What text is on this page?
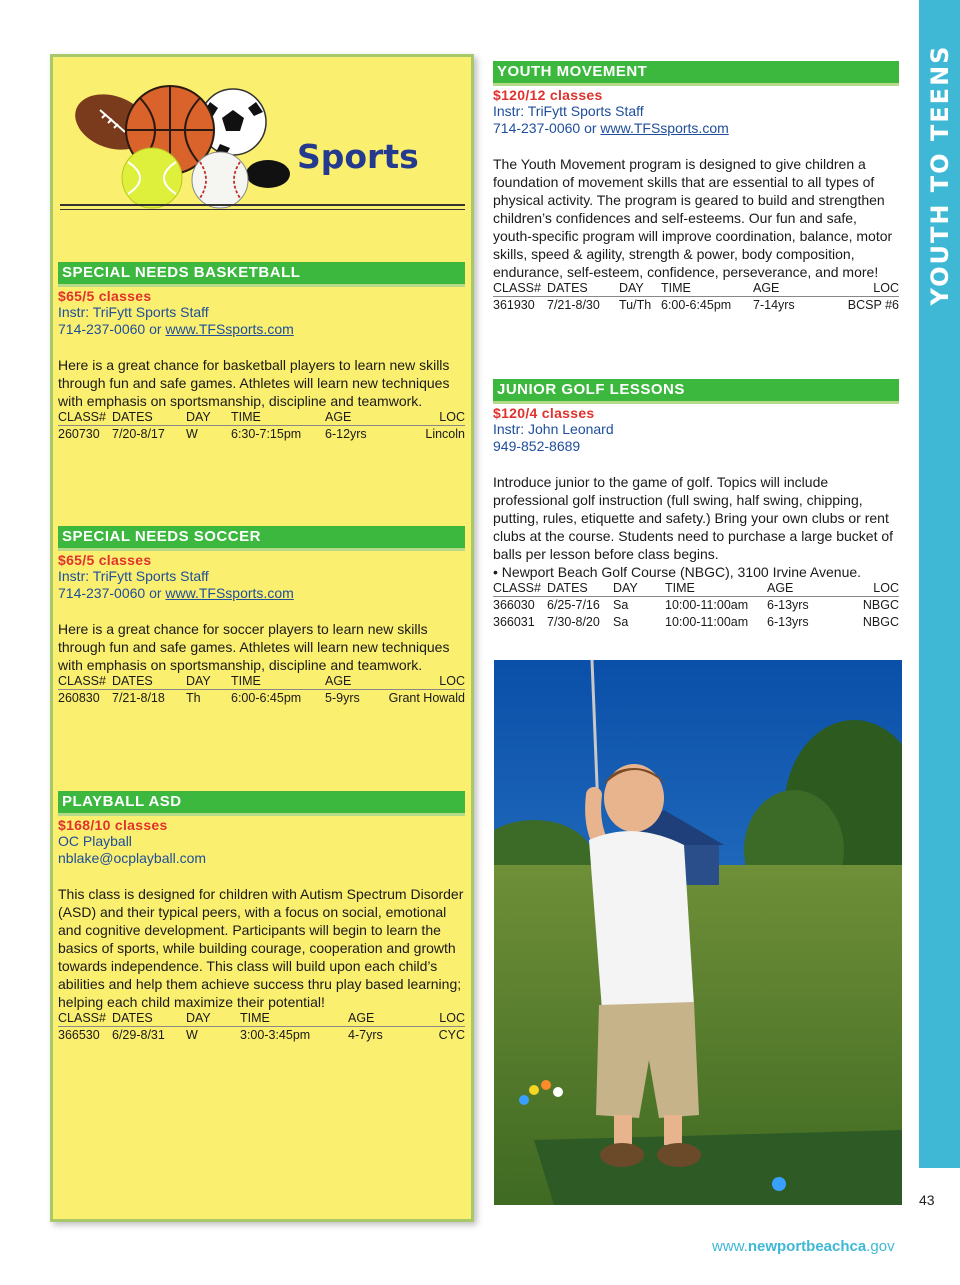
YOUTH TO TEENS
43
www.newportbeachca.gov
Sports
SPECIAL NEEDS BASKETBALL
$65/5 classes
Instr: TriFytt Sports Staff
714-237-0060 or www.TFSsports.com
Here is a great chance for basketball players to learn new skills through fun and safe games. Athletes will learn new techniques with emphasis on sportsmanship, discipline and teamwork.
CLASS#	DATES	DAY	TIME	AGE	LOC
260730	7/20-8/17	W	6:30-7:15pm	6-12yrs	Lincoln
SPECIAL NEEDS SOCCER
$65/5 classes
Instr: TriFytt Sports Staff
714-237-0060 or www.TFSsports.com
Here is a great chance for soccer players to learn new skills through fun and safe games. Athletes will learn new techniques with emphasis on sportsmanship, discipline and teamwork.
CLASS#	DATES	DAY	TIME	AGE	LOC
260830	7/21-8/18	Th	6:00-6:45pm	5-9yrs	Grant Howald
PLAYBALL ASD
$168/10 classes
OC Playball
nblake@ocplayball.com
This class is designed for children with Autism Spectrum Disorder (ASD) and their typical peers, with a focus on social, emotional and cognitive development. Participants will begin to learn the basics of sports, while building courage, cooperation and growth towards independence. This class will build upon each child’s abilities and help them achieve success thru play based learning; helping each child maximize their potential!
CLASS#	DATES	DAY	TIME	AGE	LOC
366530	6/29-8/31	W	3:00-3:45pm	4-7yrs	CYC
YOUTH MOVEMENT
$120/12 classes
Instr: TriFytt Sports Staff
714-237-0060 or www.TFSsports.com
The Youth Movement program is designed to give children a foundation of movement skills that are essential to all types of physical activity. The program is geared to build and strengthen children’s confidences and self-esteems. Our fun and safe, youth-specific program will improve coordination, balance, motor skills, speed & agility, strength & power, body composition, endurance, self-esteem, confidence, perseverance, and more!
CLASS#	DATES	DAY	TIME	AGE	LOC
361930	7/21-8/30	Tu/Th	6:00-6:45pm	7-14yrs	BCSP #6
JUNIOR GOLF LESSONS
$120/4 classes
Instr: John Leonard
949-852-8689
Introduce junior to the game of golf. Topics will include professional golf instruction (full swing, half swing, chipping, putting, rules, etiquette and safety.) Bring your own clubs or rent clubs at the course. Students need to purchase a large bucket of balls per lesson before class begins.
• Newport Beach Golf Course (NBGC), 3100 Irvine Avenue.
CLASS#	DATES	DAY	TIME	AGE	LOC
366030	6/25-7/16	Sa	10:00-11:00am	6-13yrs	NBGC
366031	7/30-8/20	Sa	10:00-11:00am	6-13yrs	NBGC
